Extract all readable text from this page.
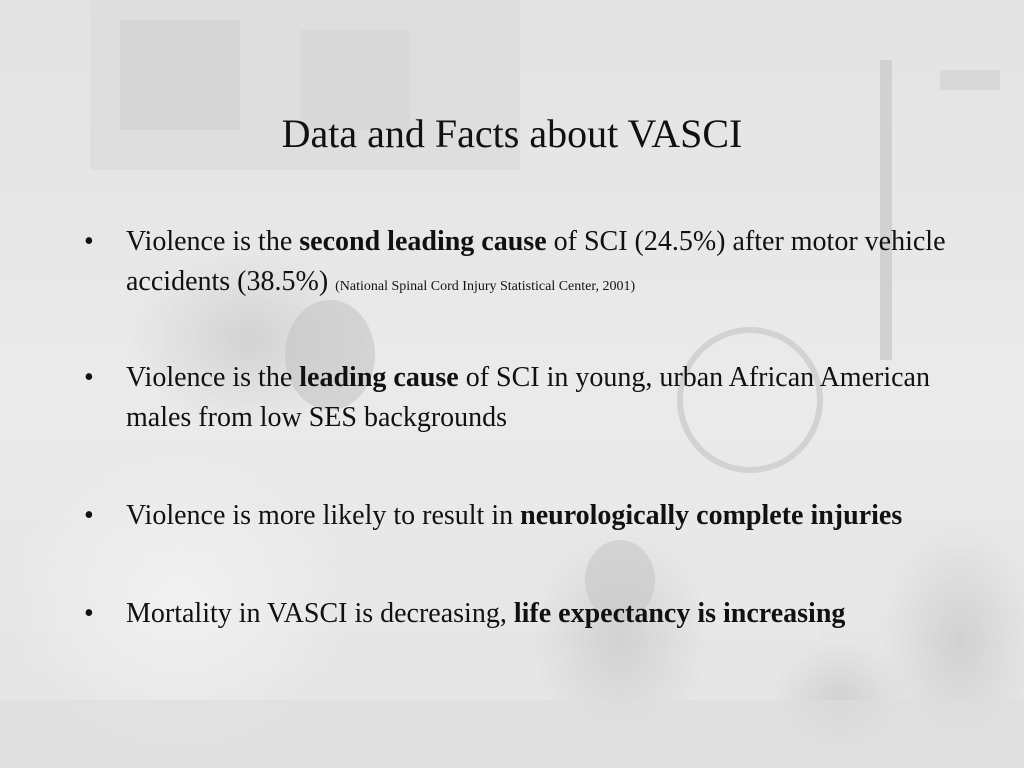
Data and Facts about VASCI
•	Violence is the second leading cause of SCI (24.5%) after motor vehicle accidents (38.5%) (National Spinal Cord Injury Statistical Center, 2001)
•	Violence is the leading cause of SCI in young, urban African American males from low SES backgrounds
•	Violence is more likely to result in neurologically complete injuries
•	Mortality in VASCI is decreasing, life expectancy is increasing
